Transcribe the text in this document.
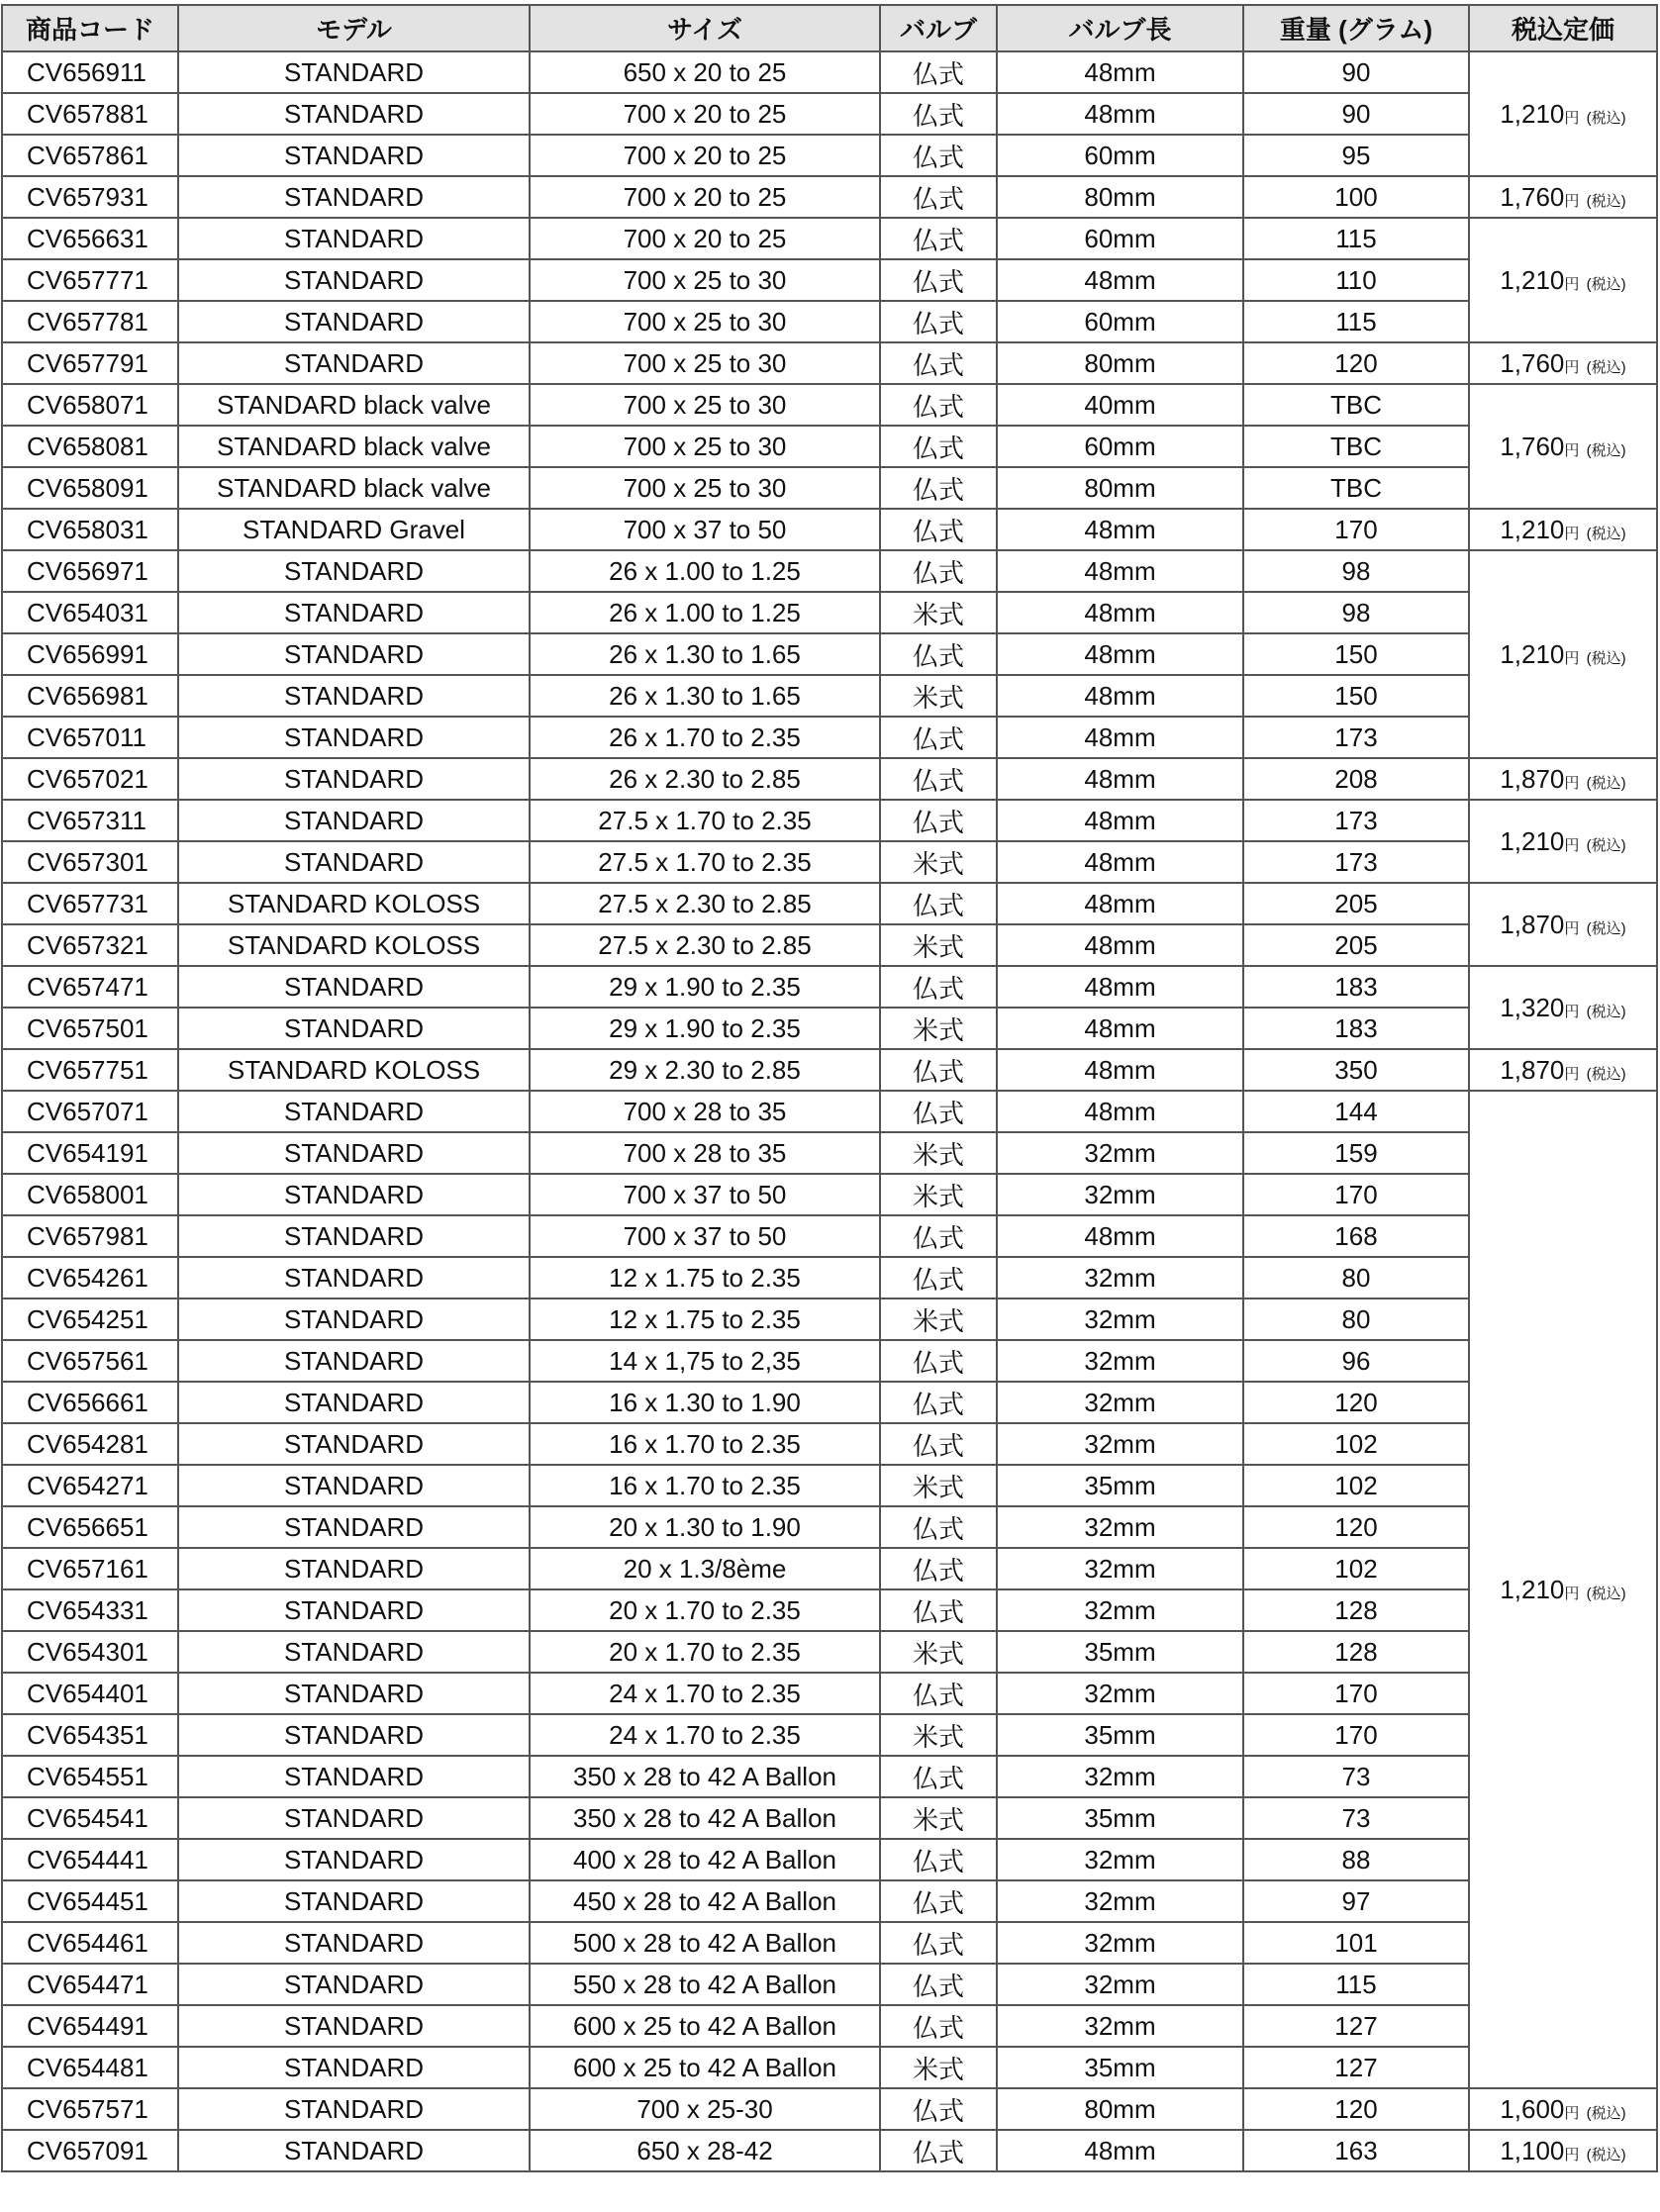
商品コード	モデル	サイズ	バルブ	バルブ長	重量 (グラム)	税込定価
CV656911	STANDARD	650 x 20 to 25	仏式	48mm	90	1,210円 (税込)
CV657881	STANDARD	700 x 20 to 25	仏式	48mm	90	
CV657861	STANDARD	700 x 20 to 25	仏式	60mm	95	
CV657931	STANDARD	700 x 20 to 25	仏式	80mm	100	1,760円 (税込)
CV656631	STANDARD	700 x 20 to 25	仏式	60mm	115	1,210円 (税込)
CV657771	STANDARD	700 x 25 to 30	仏式	48mm	110	
CV657781	STANDARD	700 x 25 to 30	仏式	60mm	115	
CV657791	STANDARD	700 x 25 to 30	仏式	80mm	120	1,760円 (税込)
CV658071	STANDARD black valve	700 x 25 to 30	仏式	40mm	TBC	1,760円 (税込)
CV658081	STANDARD black valve	700 x 25 to 30	仏式	60mm	TBC	
CV658091	STANDARD black valve	700 x 25 to 30	仏式	80mm	TBC	
CV658031	STANDARD Gravel	700 x 37 to 50	仏式	48mm	170	1,210円 (税込)
CV656971	STANDARD	26 x 1.00 to 1.25	仏式	48mm	98	1,210円 (税込)
CV654031	STANDARD	26 x 1.00 to 1.25	米式	48mm	98	
CV656991	STANDARD	26 x 1.30 to 1.65	仏式	48mm	150	
CV656981	STANDARD	26 x 1.30 to 1.65	米式	48mm	150	
CV657011	STANDARD	26 x 1.70 to 2.35	仏式	48mm	173	
CV657021	STANDARD	26 x 2.30 to 2.85	仏式	48mm	208	1,870円 (税込)
CV657311	STANDARD	27.5 x 1.70 to 2.35	仏式	48mm	173	1,210円 (税込)
CV657301	STANDARD	27.5 x 1.70 to 2.35	米式	48mm	173	
CV657731	STANDARD KOLOSS	27.5 x 2.30 to 2.85	仏式	48mm	205	1,870円 (税込)
CV657321	STANDARD KOLOSS	27.5 x 2.30 to 2.85	米式	48mm	205	
CV657471	STANDARD	29 x 1.90 to 2.35	仏式	48mm	183	1,320円 (税込)
CV657501	STANDARD	29 x 1.90 to 2.35	米式	48mm	183	
CV657751	STANDARD KOLOSS	29 x 2.30 to 2.85	仏式	48mm	350	1,870円 (税込)
CV657071	STANDARD	700 x 28 to 35	仏式	48mm	144	1,210円 (税込)
CV654191	STANDARD	700 x 28 to 35	米式	32mm	159	
CV658001	STANDARD	700 x 37 to 50	米式	32mm	170	
CV657981	STANDARD	700 x 37 to 50	仏式	48mm	168	
CV654261	STANDARD	12 x 1.75 to 2.35	仏式	32mm	80	
CV654251	STANDARD	12 x 1.75 to 2.35	米式	32mm	80	
CV657561	STANDARD	14 x 1,75 to 2,35	仏式	32mm	96	
CV656661	STANDARD	16 x 1.30 to 1.90	仏式	32mm	120	
CV654281	STANDARD	16 x 1.70 to 2.35	仏式	32mm	102	
CV654271	STANDARD	16 x 1.70 to 2.35	米式	35mm	102	
CV656651	STANDARD	20 x 1.30 to 1.90	仏式	32mm	120	
CV657161	STANDARD	20 x 1.3/8ème	仏式	32mm	102	
CV654331	STANDARD	20 x 1.70 to 2.35	仏式	32mm	128	
CV654301	STANDARD	20 x 1.70 to 2.35	米式	35mm	128	
CV654401	STANDARD	24 x 1.70 to 2.35	仏式	32mm	170	
CV654351	STANDARD	24 x 1.70 to 2.35	米式	35mm	170	
CV654551	STANDARD	350 x 28 to 42 A Ballon	仏式	32mm	73	
CV654541	STANDARD	350 x 28 to 42 A Ballon	米式	35mm	73	
CV654441	STANDARD	400 x 28 to 42 A Ballon	仏式	32mm	88	
CV654451	STANDARD	450 x 28 to 42 A Ballon	仏式	32mm	97	
CV654461	STANDARD	500 x 28 to 42 A Ballon	仏式	32mm	101	
CV654471	STANDARD	550 x 28 to 42 A Ballon	仏式	32mm	115	
CV654491	STANDARD	600 x 25 to 42 A Ballon	仏式	32mm	127	
CV654481	STANDARD	600 x 25 to 42 A Ballon	米式	35mm	127	
CV657571	STANDARD	700 x 25-30	仏式	80mm	120	1,600円 (税込)
CV657091	STANDARD	650 x 28-42	仏式	48mm	163	1,100円 (税込)
